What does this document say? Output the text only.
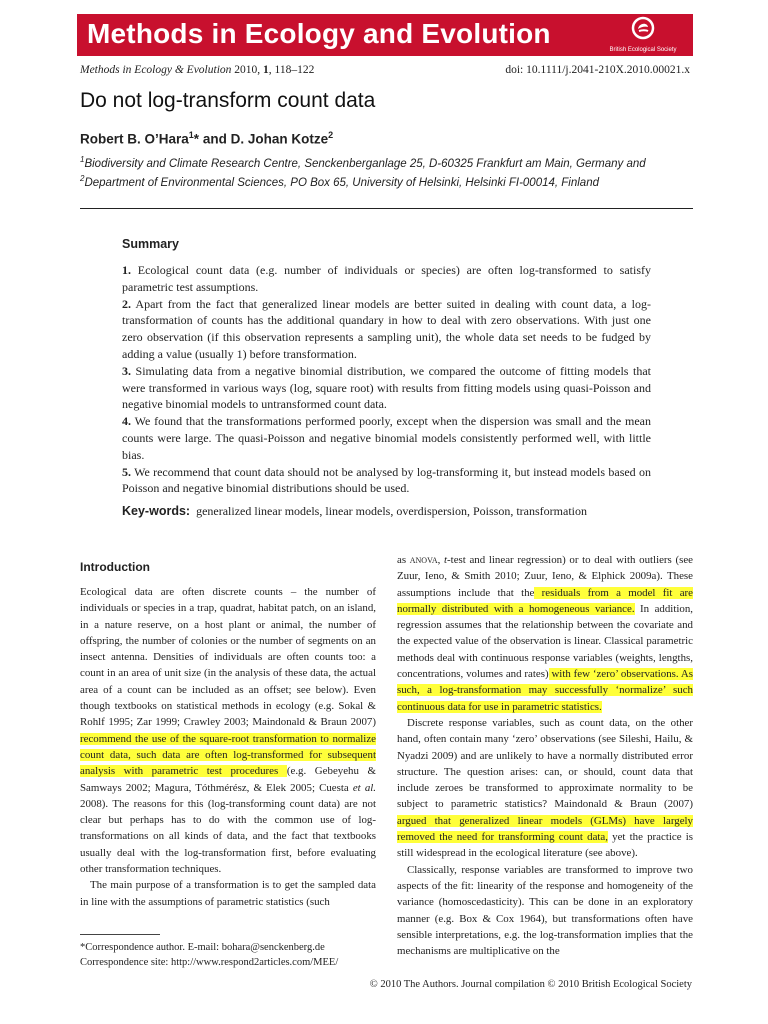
Methods in Ecology and Evolution
British Ecological Society
Methods in Ecology & Evolution 2010, 1, 118–122	doi: 10.1111/j.2041-210X.2010.00021.x
Do not log-transform count data
Robert B. O’Hara$^1$* and D. Johan Kotze$^2$
$^1$Biodiversity and Climate Research Centre, Senckenberganlage 25, D-60325 Frankfurt am Main, Germany and
$^2$Department of Environmental Sciences, PO Box 65, University of Helsinki, Helsinki FI-00014, Finland
Summary

1. Ecological count data (e.g. number of individuals or species) are often log-transformed to satisfy parametric test assumptions.

2. Apart from the fact that generalized linear models are better suited in dealing with count data, a log-transformation of counts has the additional quandary in how to deal with zero observations. With just one zero observation (if this observation represents a sampling unit), the whole data set needs to be fudged by adding a value (usually 1) before transformation.

3. Simulating data from a negative binomial distribution, we compared the outcome of fitting models that were transformed in various ways (log, square root) with results from fitting models using quasi-Poisson and negative binomial models to untransformed count data.

4. We found that the transformations performed poorly, except when the dispersion was small and the mean counts were large. The quasi-Poisson and negative binomial models consistently performed well, with little bias.

5. We recommend that count data should not be analysed by log-transforming it, but instead models based on Poisson and negative binomial distributions should be used.

Key-words: generalized linear models, linear models, overdispersion, Poisson, transformation
Introduction

Ecological data are often discrete counts – the number of individuals or species in a trap, quadrat, habitat patch, on an island, in a nature reserve, on a host plant or animal, the number of offspring, the number of colonies or the number of segments on an insect antenna. Densities of individuals are often counts too: a count in an area of unit size (in the analysis of these data, the actual area of a count can be included as an offset; see below). Even though textbooks on statistical methods in ecology (e.g. Sokal & Rohlf 1995; Zar 1999; Crawley 2003; Maindonald & Braun 2007) recommend the use of the square-root transformation to normalize count data, such data are often log-transformed for subsequent analysis with parametric test procedures (e.g. Gebeyehu & Samways 2002; Magura, Tóthmérész, & Elek 2005; Cuesta et al. 2008). The reasons for this (log-transforming count data) are not clear but perhaps has to do with the common use of log-transformations on all kinds of data, and the fact that textbooks usually deal with the log-transformation first, before evaluating other transformation techniques.

The main purpose of a transformation is to get the sampled data in line with the assumptions of parametric statistics (such

as anova, t-test and linear regression) or to deal with outliers (see Zuur, Ieno, & Smith 2010; Zuur, Ieno, & Elphick 2009a). These assumptions include that the residuals from a model fit are normally distributed with a homogeneous variance. In addition, regression assumes that the relationship between the covariate and the expected value of the observation is linear. Classical parametric methods deal with continuous response variables (weights, lengths, concentrations, volumes and rates) with few ‘zero’ observations. As such, a log-transformation may successfully ‘normalize’ such continuous data for use in parametric statistics.

Discrete response variables, such as count data, on the other hand, often contain many ‘zero’ observations (see Sileshi, Hailu, & Nyadzi 2009) and are unlikely to have a normally distributed error structure. The question arises: can, or should, count data that include zeroes be transformed to approximate normality to be subject to parametric statistics? Maindonald & Braun (2007) argued that generalized linear models (GLMs) have largely removed the need for transforming count data, yet the practice is still widespread in the ecological literature (see above).

Classically, response variables are transformed to improve two aspects of the fit: linearity of the response and homogeneity of the variance (homoscedasticity). This can be done in an exploratory manner (e.g. Box & Cox 1964), but transformations often have sensible interpretations, e.g. the log-transformation implies that the mechanisms are multiplicative on the

*Correspondence author. E-mail: bohara@senckenberg.de
Correspondence site: http://www.respond2articles.com/MEE/
© 2010 The Authors. Journal compilation © 2010 British Ecological Society
